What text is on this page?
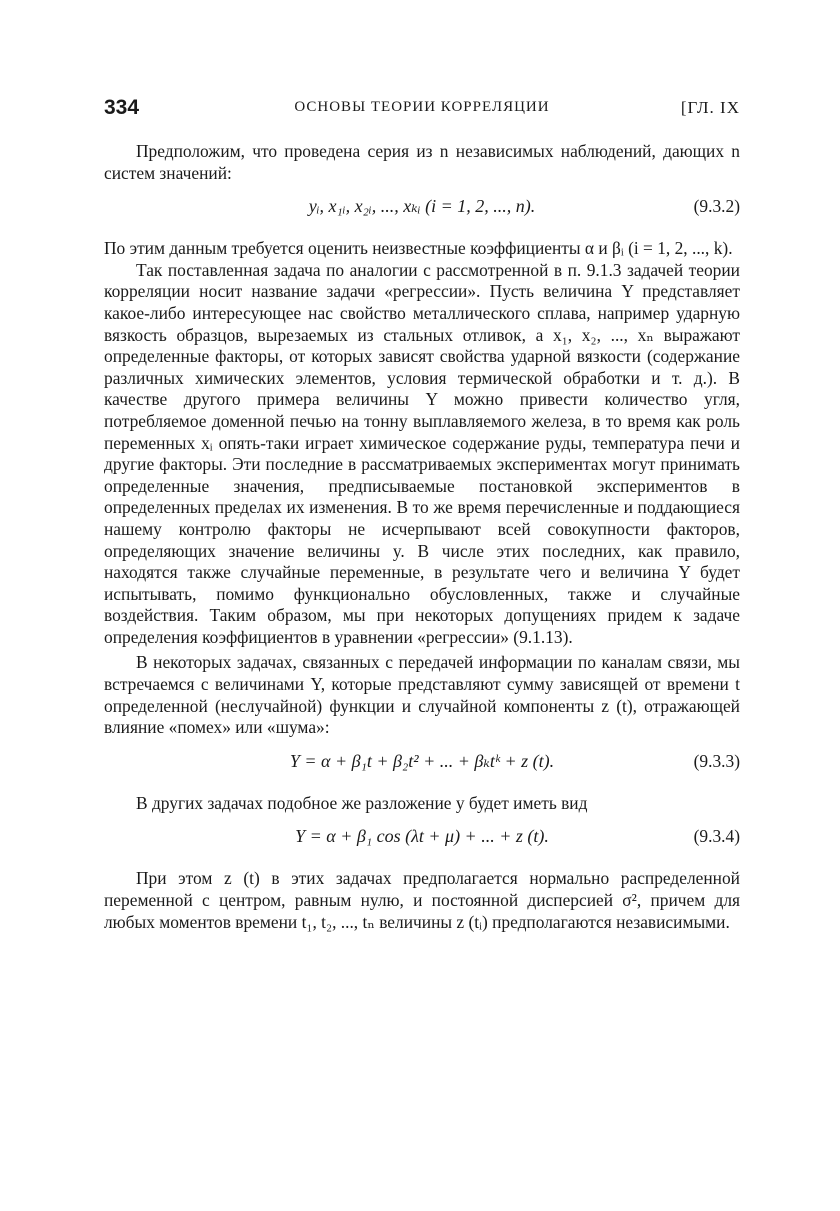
334	ОСНОВЫ ТЕОРИИ КОРРЕЛЯЦИИ	[ГЛ. IX

Предположим, что проведена серия из n независимых наблюдений, дающих n систем значений:

yᵢ, x₁ᵢ, x₂ᵢ, ..., xₖᵢ (i = 1, 2, ..., n).	(9.3.2)

По этим данным требуется оценить неизвестные коэффициенты α и βᵢ (i = 1, 2, ..., k).

Так поставленная задача по аналогии с рассмотренной в п. 9.1.3 задачей теории корреляции носит название задачи «регрессии». Пусть величина Y представляет какое-либо интересующее нас свойство металлического сплава, например ударную вязкость образцов, вырезаемых из стальных отливок, а x₁, x₂, ..., xₙ выражают определенные факторы, от которых зависят свойства ударной вязкости (содержание различных химических элементов, условия термической обработки и т. д.). В качестве другого примера величины Y можно привести количество угля, потребляемое доменной печью на тонну выплавляемого железа, в то время как роль переменных xᵢ опять-таки играет химическое содержание руды, температура печи и другие факторы. Эти последние в рассматриваемых экспериментах могут принимать определенные значения, предписываемые постановкой экспериментов в определенных пределах их изменения. В то же время перечисленные и поддающиеся нашему контролю факторы не исчерпывают всей совокупности факторов, определяющих значение величины y. В числе этих последних, как правило, находятся также случайные переменные, в результате чего и величина Y будет испытывать, помимо функционально обусловленных, также и случайные воздействия. Таким образом, мы при некоторых допущениях придем к задаче определения коэффициентов в уравнении «регрессии» (9.1.13).

В некоторых задачах, связанных с передачей информации по каналам связи, мы встречаемся с величинами Y, которые представляют сумму зависящей от времени t определенной (неслучайной) функции и случайной компоненты z (t), отражающей влияние «помех» или «шума»:

Y = α + β₁t + β₂t² + ... + βₖtᵏ + z (t).	(9.3.3)

В других задачах подобное же разложение y будет иметь вид

Y = α + β₁ cos (λt + μ) + ... + z (t).	(9.3.4)

При этом z (t) в этих задачах предполагается нормально распределенной переменной с центром, равным нулю, и постоянной дисперсией σ², причем для любых моментов времени t₁, t₂, ..., tₙ величины z (tᵢ) предполагаются независимыми.
